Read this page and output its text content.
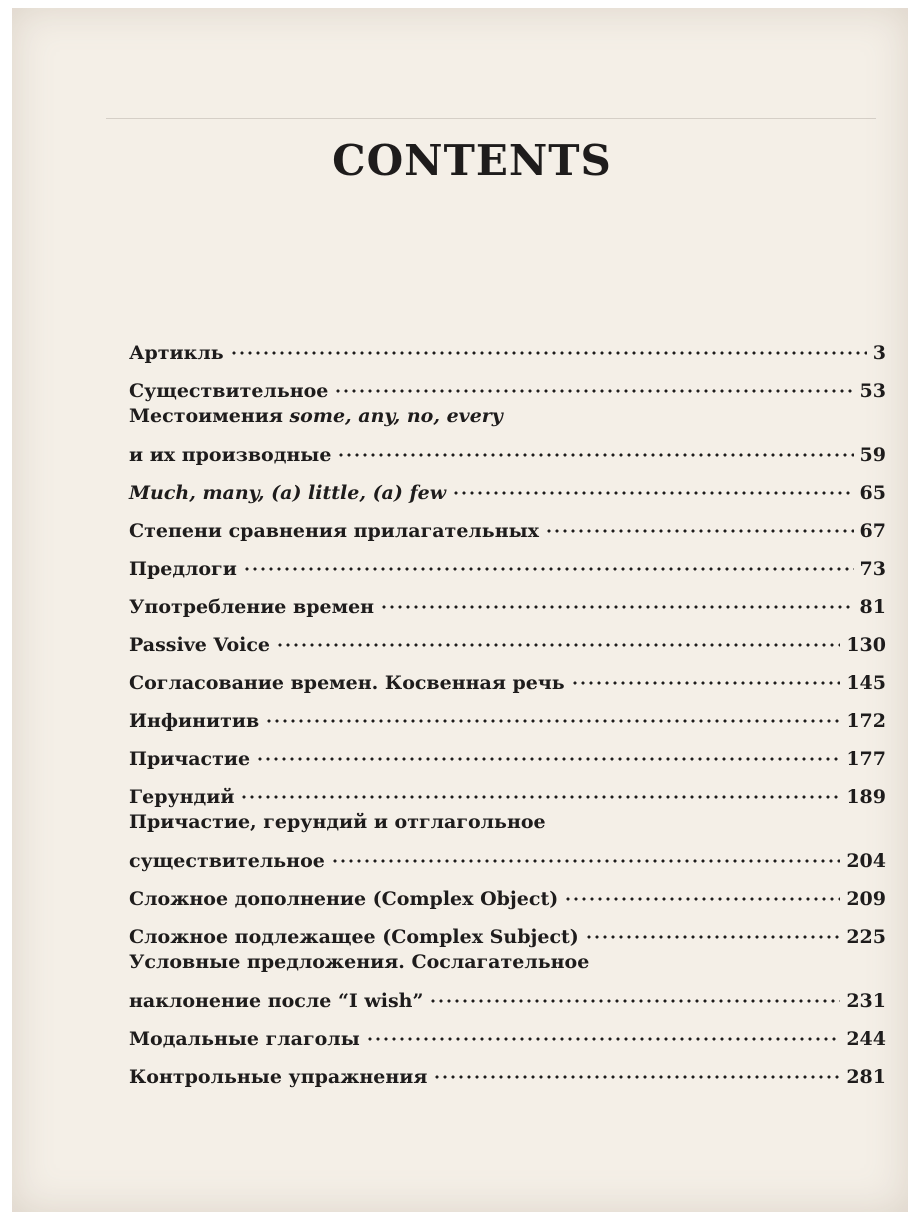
CONTENTS
Артикль	3
Существительное	53
Местоимения some, any, no, every
и их производные	59
Much, many, (a) little, (a) few	65
Степени сравнения прилагательных	67
Предлоги	73
Употребление времен	81
Passive Voice	130
Согласование времен. Косвенная речь	145
Инфинитив	172
Причастие	177
Герундий	189
Причастие, герундий и отглагольное
существительное	204
Сложное дополнение (Complex Object)	209
Сложное подлежащее (Complex Subject)	225
Условные предложения. Сослагательное
наклонение после “I wish”	231
Модальные глаголы	244
Контрольные упражнения	281
